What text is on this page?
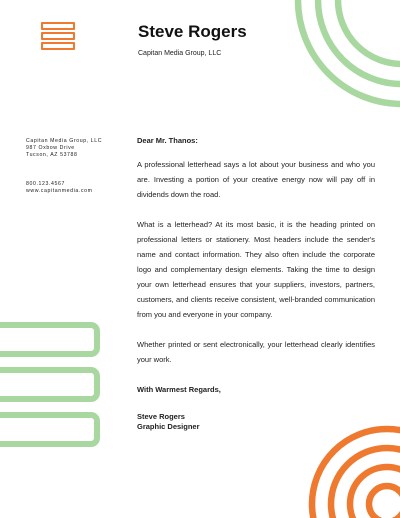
Steve Rogers
Capitan Media Group, LLC
Capitan Media Group, LLC
987 Oxbow Drive
Tucson, AZ 53788
800.123.4567
www.capitanmedia.com

Dear Mr. Thanos:

A professional letterhead says a lot about your business and who you are. Investing a portion of your creative energy now will pay off in dividends down the road.

What is a letterhead? At its most basic, it is the heading printed on professional letters or stationery. Most headers include the sender's name and contact information. They also often include the corporate logo and complementary design elements. Taking the time to design your own letterhead ensures that your suppliers, investors, partners, customers, and clients receive consistent, well-branded communication from you and everyone in your company.

Whether printed or sent electronically, your letterhead clearly identifies your work.

With Warmest Regards,

Steve Rogers

Graphic Designer
